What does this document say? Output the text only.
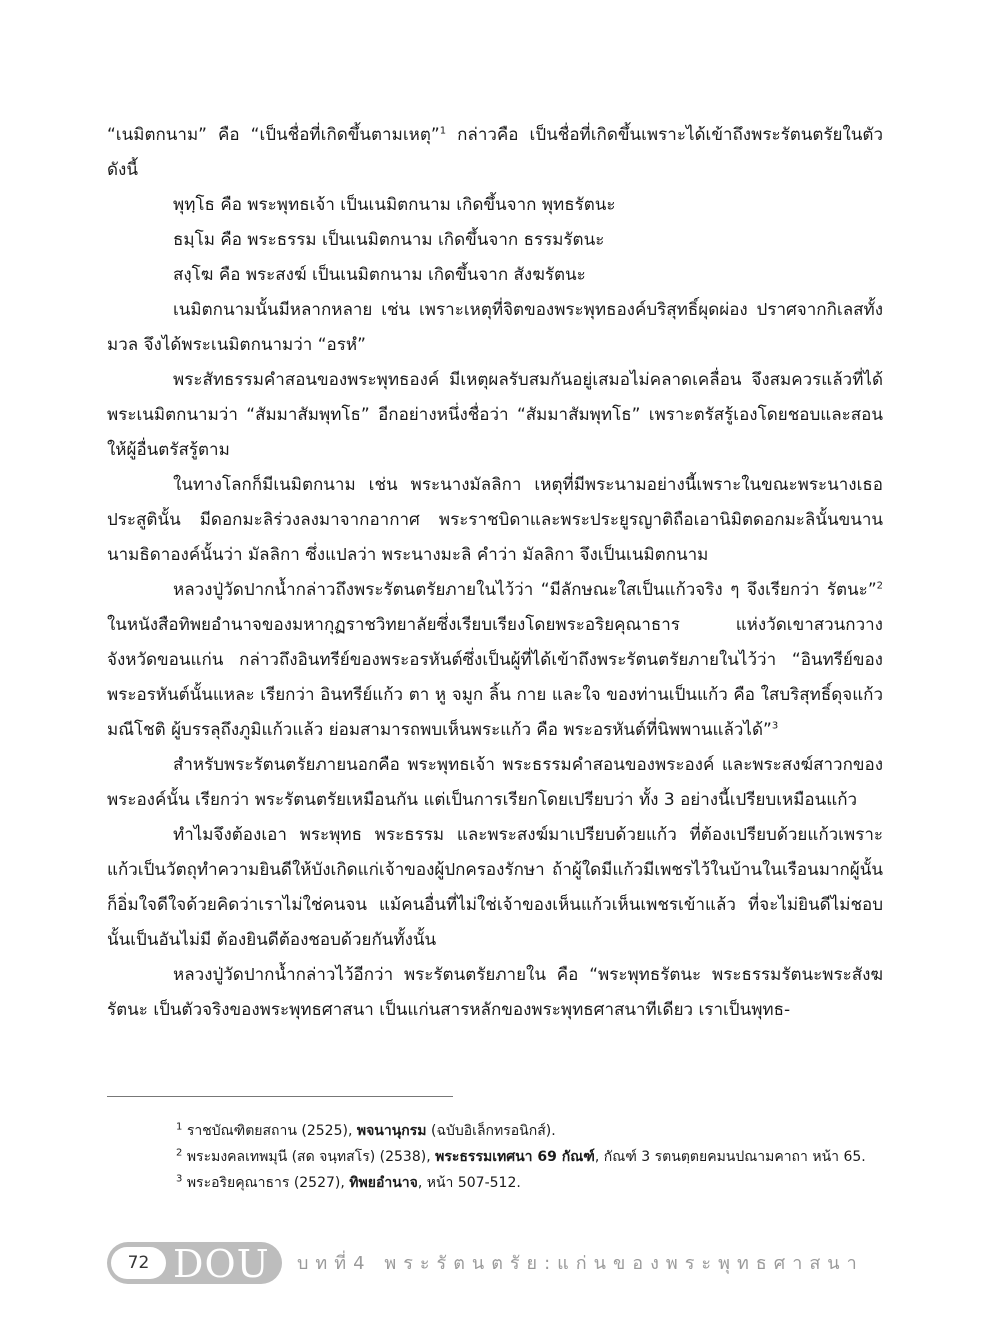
“เนมิตกนาม” คือ “เป็นชื่อที่เกิดขึ้นตามเหตุ”$^1$ กล่าวคือ เป็นชื่อที่เกิดขึ้นเพราะได้เข้าถึงพระรัตนตรัยในตัว ดังนี้

พุทฺโธ คือ พระพุทธเจ้า เป็นเนมิตกนาม เกิดขึ้นจาก พุทธรัตนะ

ธมฺโม คือ พระธรรม เป็นเนมิตกนาม เกิดขึ้นจาก ธรรมรัตนะ

สงฺโฆ คือ พระสงฆ์ เป็นเนมิตกนาม เกิดขึ้นจาก สังฆรัตนะ

เนมิตกนามนั้นมีหลากหลาย เช่น เพราะเหตุที่จิตของพระพุทธองค์บริสุทธิ์ผุดผ่อง ปราศจากกิเลสทั้งมวล จึงได้พระเนมิตกนามว่า “อรหํ”

พระสัทธรรมคำสอนของพระพุทธองค์ มีเหตุผลรับสมกันอยู่เสมอไม่คลาดเคลื่อน จึงสมควรแล้วที่ได้พระเนมิตกนามว่า “สัมมาสัมพุทโธ” อีกอย่างหนึ่งชื่อว่า “สัมมาสัมพุทโธ” เพราะตรัสรู้เองโดยชอบและสอนให้ผู้อื่นตรัสรู้ตาม

ในทางโลกก็มีเนมิตกนาม เช่น พระนางมัลลิกา เหตุที่มีพระนามอย่างนี้เพราะในขณะพระนางเธอประสูตินั้น มีดอกมะลิร่วงลงมาจากอากาศ พระราชบิดาและพระประยูรญาติถือเอานิมิตดอกมะลินั้นขนานนามธิดาองค์นั้นว่า มัลลิกา ซึ่งแปลว่า พระนางมะลิ คำว่า มัลลิกา จึงเป็นเนมิตกนาม

หลวงปู่วัดปากน้ำกล่าวถึงพระรัตนตรัยภายในไว้ว่า “มีลักษณะใสเป็นแก้วจริง ๆ จึงเรียกว่า รัตนะ”$^2$ ในหนังสือทิพยอำนาจของมหากุฏราชวิทยาลัยซึ่งเรียบเรียงโดยพระอริยคุณาธาร แห่งวัดเขาสวนกวาง จังหวัดขอนแก่น กล่าวถึงอินทรีย์ของพระอรหันต์ซึ่งเป็นผู้ที่ได้เข้าถึงพระรัตนตรัยภายในไว้ว่า “อินทรีย์ของพระอรหันต์นั้นแหละ เรียกว่า อินทรีย์แก้ว ตา หู จมูก ลิ้น กาย และใจ ของท่านเป็นแก้ว คือ ใสบริสุทธิ์ดุจแก้วมณีโชติ ผู้บรรลุถึงภูมิแก้วแล้ว ย่อมสามารถพบเห็นพระแก้ว คือ พระอรหันต์ที่นิพพานแล้วได้”$^3$

สำหรับพระรัตนตรัยภายนอกคือ พระพุทธเจ้า พระธรรมคำสอนของพระองค์ และพระสงฆ์สาวกของพระองค์นั้น เรียกว่า พระรัตนตรัยเหมือนกัน แต่เป็นการเรียกโดยเปรียบว่า ทั้ง 3 อย่างนี้เปรียบเหมือนแก้ว

ทำไมจึงต้องเอา พระพุทธ พระธรรม และพระสงฆ์มาเปรียบด้วยแก้ว ที่ต้องเปรียบด้วยแก้วเพราะแก้วเป็นวัตถุทำความยินดีให้บังเกิดแก่เจ้าของผู้ปกครองรักษา ถ้าผู้ใดมีแก้วมีเพชรไว้ในบ้านในเรือนมากผู้นั้นก็อิ่มใจดีใจด้วยคิดว่าเราไม่ใช่คนจน แม้คนอื่นที่ไม่ใช่เจ้าของเห็นแก้วเห็นเพชรเข้าแล้ว ที่จะไม่ยินดีไม่ชอบนั้นเป็นอันไม่มี ต้องยินดีต้องชอบด้วยกันทั้งนั้น

หลวงปู่วัดปากน้ำกล่าวไว้อีกว่า พระรัตนตรัยภายใน คือ “พระพุทธรัตนะ พระธรรมรัตนะพระสังฆรัตนะ เป็นตัวจริงของพระพุทธศาสนา เป็นแก่นสารหลักของพระพุทธศาสนาทีเดียว เราเป็นพุทธ-

$^1$ ราชบัณฑิตยสถาน (2525), พจนานุกรม (ฉบับอิเล็กทรอนิกส์).

$^2$ พระมงคลเทพมุนี (สด จนฺทสโร) (2538), พระธรรมเทศนา 69 กัณฑ์, กัณฑ์ 3 รตนตฺตยคมนปณามคาถา หน้า 65.

$^3$ พระอริยคุณาธาร (2527), ทิพยอำนาจ, หน้า 507-512.

72 DOU บทที่4 พระรัตนตรัย:แก่นของพระพุทธศาสนา
